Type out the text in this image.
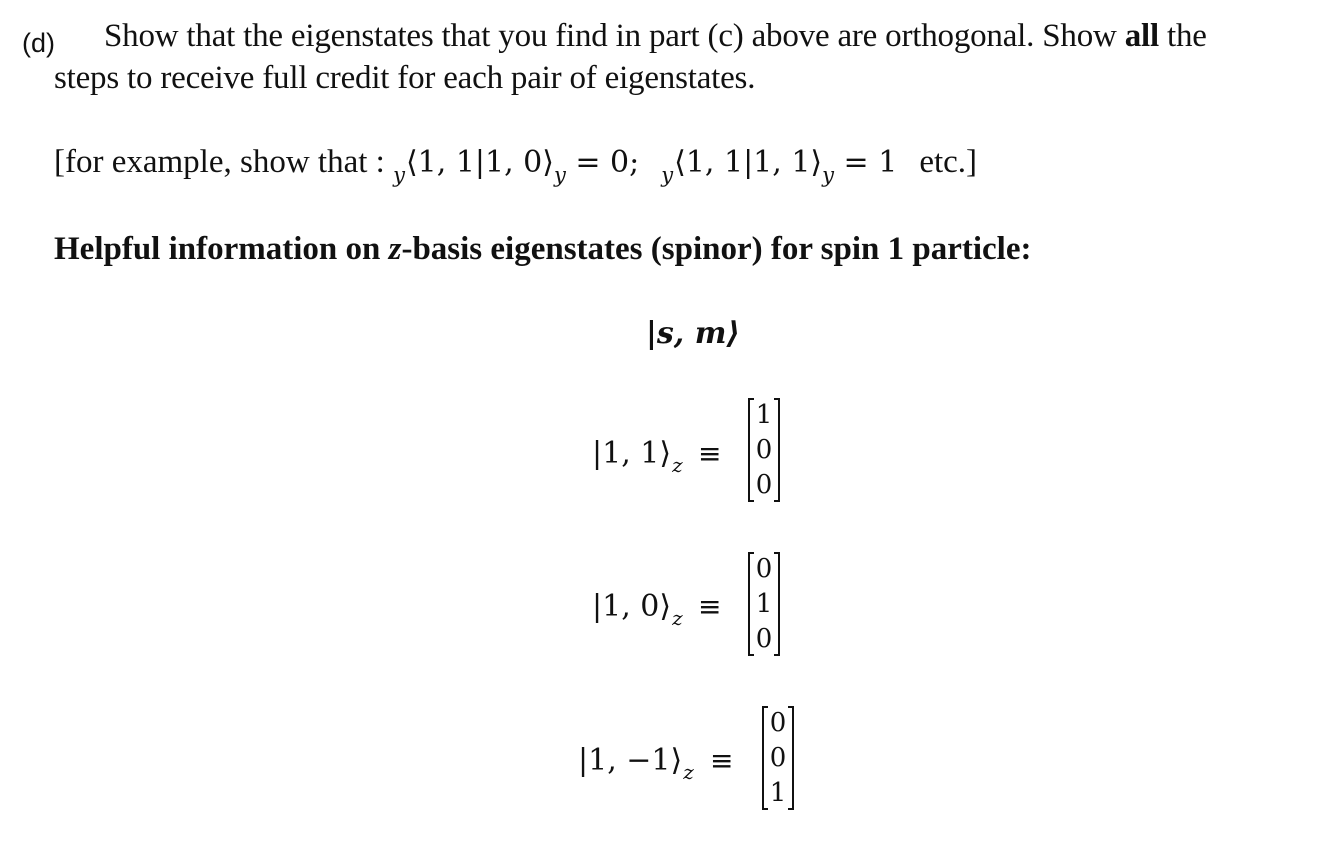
(d) Show that the eigenstates that you find in part (c) above are orthogonal. Show all the
steps to receive full credit for each pair of eigenstates.
[for example, show that : $_y$⟨1, 1|1, $0⟩_y = 0$; $_y$⟨1, 1|1, $1⟩_y = 1$ etc.]
Helpful information on z-basis eigenstates (spinor) for spin 1 particle:
|s, m⟩
|1, $1⟩_z$ ≡
1
0
0
|1, $0⟩_z$ ≡
0
1
0
|1, $-1⟩_z$ ≡
0
0
1
